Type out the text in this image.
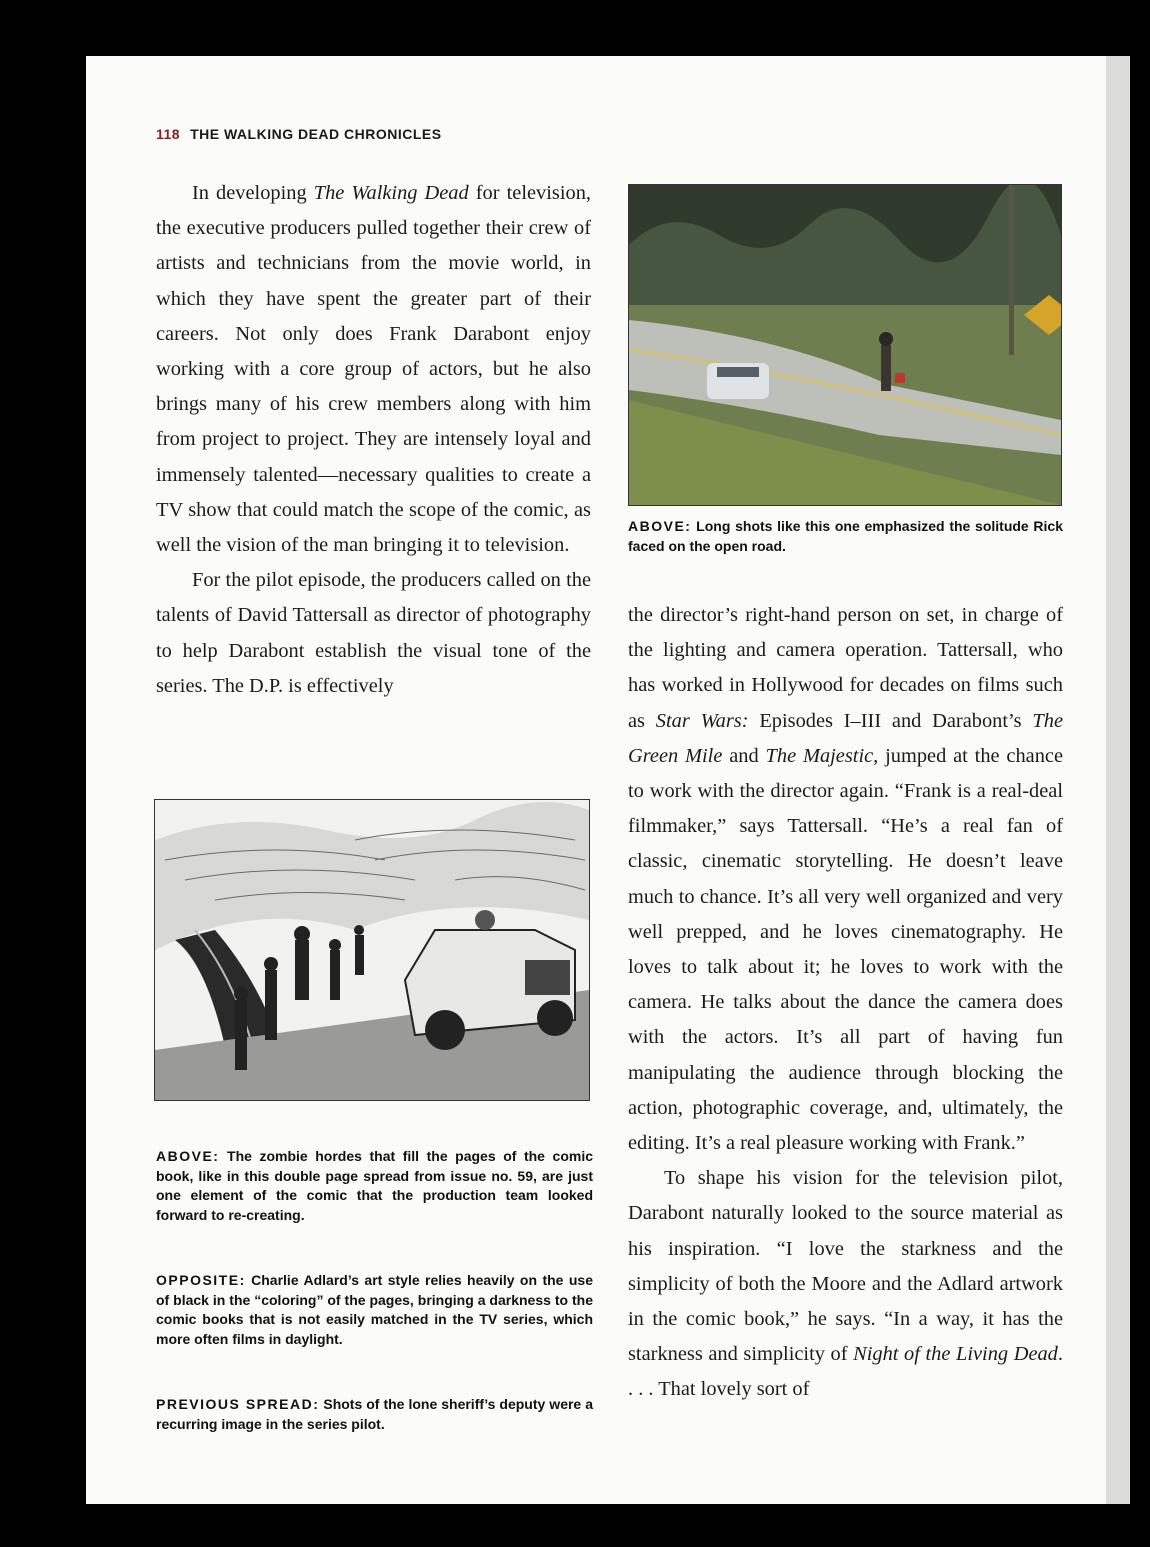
118 THE WALKING DEAD CHRONICLES

In developing The Walking Dead for television, the executive producers pulled together their crew of artists and technicians from the movie world, in which they have spent the greater part of their careers. Not only does Frank Darabont enjoy working with a core group of actors, but he also brings many of his crew members along with him from project to project. They are intensely loyal and immensely talented—necessary qualities to create a TV show that could match the scope of the comic, as well the vision of the man bringing it to television.

For the pilot episode, the producers called on the talents of David Tattersall as director of photography to help Darabont establish the visual tone of the series. The D.P. is effectively

ABOVE: Long shots like this one emphasized the solitude Rick faced on the open road.

the director’s right-hand person on set, in charge of the lighting and camera operation. Tattersall, who has worked in Hollywood for decades on films such as Star Wars: Episodes I–III and Darabont’s The Green Mile and The Majestic, jumped at the chance to work with the director again. “Frank is a real-deal filmmaker,” says Tattersall. “He’s a real fan of classic, cinematic storytelling. He doesn’t leave much to chance. It’s all very well organized and very well prepped, and he loves cinematography. He loves to talk about it; he loves to work with the camera. He talks about the dance the camera does with the actors. It’s all part of having fun manipulating the audience through blocking the action, photographic coverage, and, ultimately, the editing. It’s a real pleasure working with Frank.”

To shape his vision for the television pilot, Darabont naturally looked to the source material as his inspiration. “I love the starkness and the simplicity of both the Moore and the Adlard artwork in the comic book,” he says. “In a way, it has the starkness and simplicity of Night of the Living Dead. . . . That lovely sort of

ABOVE: The zombie hordes that fill the pages of the comic book, like in this double page spread from issue no. 59, are just one element of the comic that the production team looked forward to re-creating.
OPPOSITE: Charlie Adlard’s art style relies heavily on the use of black in the “coloring” of the pages, bringing a darkness to the comic books that is not easily matched in the TV series, which more often films in daylight.
PREVIOUS SPREAD: Shots of the lone sheriff’s deputy were a recurring image in the series pilot.
